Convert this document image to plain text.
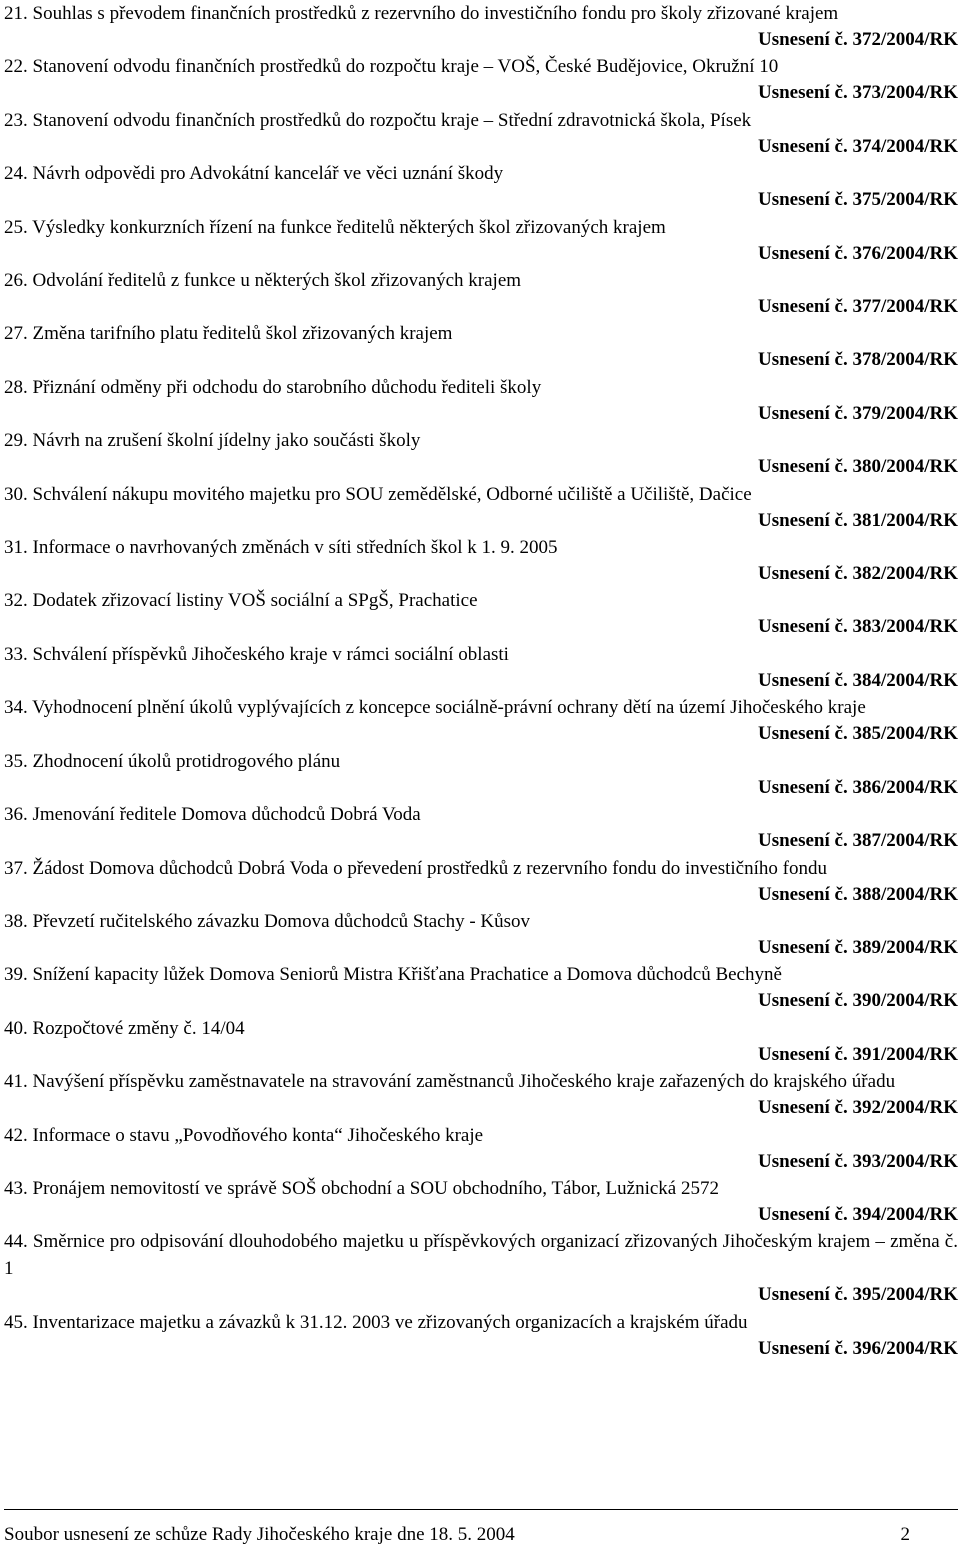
21. Souhlas s převodem finančních prostředků z rezervního do investičního fondu pro školy zřizované krajem
Usnesení č. 372/2004/RK
22. Stanovení odvodu finančních prostředků do rozpočtu kraje – VOŠ, České Budějovice, Okružní 10
Usnesení č. 373/2004/RK
23. Stanovení odvodu finančních prostředků do rozpočtu kraje – Střední zdravotnická škola, Písek
Usnesení č. 374/2004/RK
24. Návrh odpovědi pro Advokátní kancelář ve věci uznání škody
Usnesení č. 375/2004/RK
25. Výsledky konkurzních řízení na funkce ředitelů některých škol zřizovaných krajem
Usnesení č. 376/2004/RK
26. Odvolání ředitelů z funkce u některých škol zřizovaných krajem
Usnesení č. 377/2004/RK
27. Změna tarifního platu ředitelů škol zřizovaných krajem
Usnesení č. 378/2004/RK
28. Přiznání odměny při odchodu do starobního důchodu řediteli školy
Usnesení č. 379/2004/RK
29. Návrh na zrušení školní jídelny jako součásti školy
Usnesení č. 380/2004/RK
30. Schválení nákupu movitého majetku pro SOU zemědělské, Odborné učiliště a Učiliště, Dačice
Usnesení č. 381/2004/RK
31. Informace o navrhovaných změnách v síti středních škol k 1. 9. 2005
Usnesení č. 382/2004/RK
32. Dodatek zřizovací listiny VOŠ sociální a SPgŠ, Prachatice
Usnesení č. 383/2004/RK
33. Schválení příspěvků Jihočeského kraje v rámci sociální oblasti
Usnesení č. 384/2004/RK
34. Vyhodnocení plnění úkolů vyplývajících z koncepce sociálně-právní ochrany dětí na území Jihočeského kraje
Usnesení č. 385/2004/RK
35. Zhodnocení úkolů protidrogového plánu
Usnesení č. 386/2004/RK
36. Jmenování ředitele Domova důchodců Dobrá Voda
Usnesení č. 387/2004/RK
37. Žádost Domova důchodců Dobrá Voda o převedení prostředků z rezervního fondu do investičního fondu
Usnesení č. 388/2004/RK
38. Převzetí ručitelského závazku Domova důchodců Stachy - Kůsov
Usnesení č. 389/2004/RK
39. Snížení kapacity lůžek Domova Seniorů Mistra Křišťana Prachatice a Domova důchodců Bechyně
Usnesení č. 390/2004/RK
40. Rozpočtové změny č. 14/04
Usnesení č. 391/2004/RK
41. Navýšení příspěvku zaměstnavatele na stravování zaměstnanců Jihočeského kraje zařazených do krajského úřadu
Usnesení č. 392/2004/RK
42. Informace o stavu „Povodňového konta“ Jihočeského kraje
Usnesení č. 393/2004/RK
43. Pronájem nemovitostí ve správě SOŠ obchodní a SOU obchodního, Tábor, Lužnická 2572
Usnesení č. 394/2004/RK
44. Směrnice pro odpisování dlouhodobého majetku u příspěvkových organizací zřizovaných Jihočeským krajem – změna č. 1
Usnesení č. 395/2004/RK
45. Inventarizace majetku a závazků k 31.12. 2003 ve zřizovaných organizacích a krajském úřadu
Usnesení č. 396/2004/RK
Soubor usnesení ze schůze Rady Jihočeského kraje dne 18. 5. 2004	2
